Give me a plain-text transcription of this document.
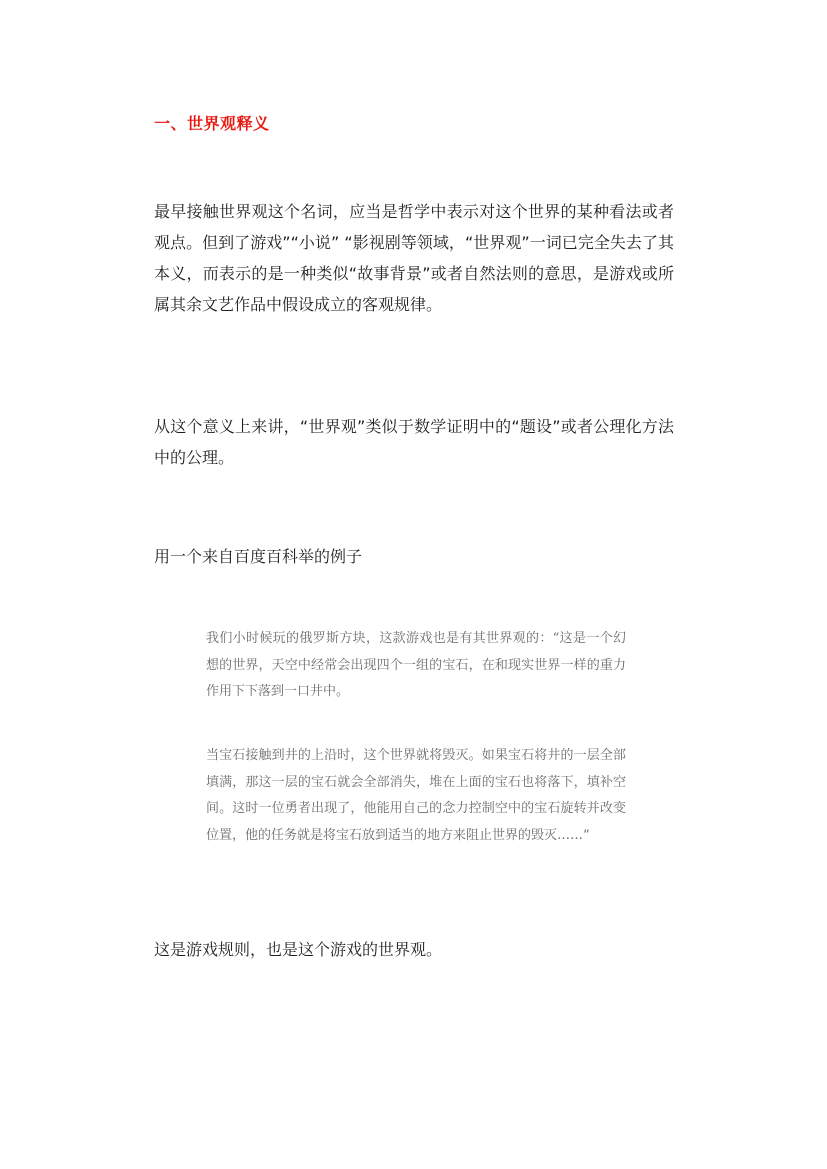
一、世界观释义
最早接触世界观这个名词，应当是哲学中表示对这个世界的某种看法或者观点。但到了游戏”“小说” “影视剧等领域，“世界观”一词已完全失去了其本义，而表示的是一种类似“故事背景”或者自然法则的意思，是游戏或所属其余文艺作品中假设成立的客观规律。
从这个意义上来讲，“世界观”类似于数学证明中的“题设”或者公理化方法中的公理。
用一个来自百度百科举的例子
我们小时候玩的俄罗斯方块，这款游戏也是有其世界观的：“这是一个幻想的世界，天空中经常会出现四个一组的宝石，在和现实世界一样的重力作用下下落到一口井中。
当宝石接触到井的上沿时，这个世界就将毁灭。如果宝石将井的一层全部填满，那这一层的宝石就会全部消失，堆在上面的宝石也将落下，填补空间。这时一位勇者出现了，他能用自己的念力控制空中的宝石旋转并改变位置，他的任务就是将宝石放到适当的地方来阻止世界的毁灭……”
这是游戏规则，也是这个游戏的世界观。
